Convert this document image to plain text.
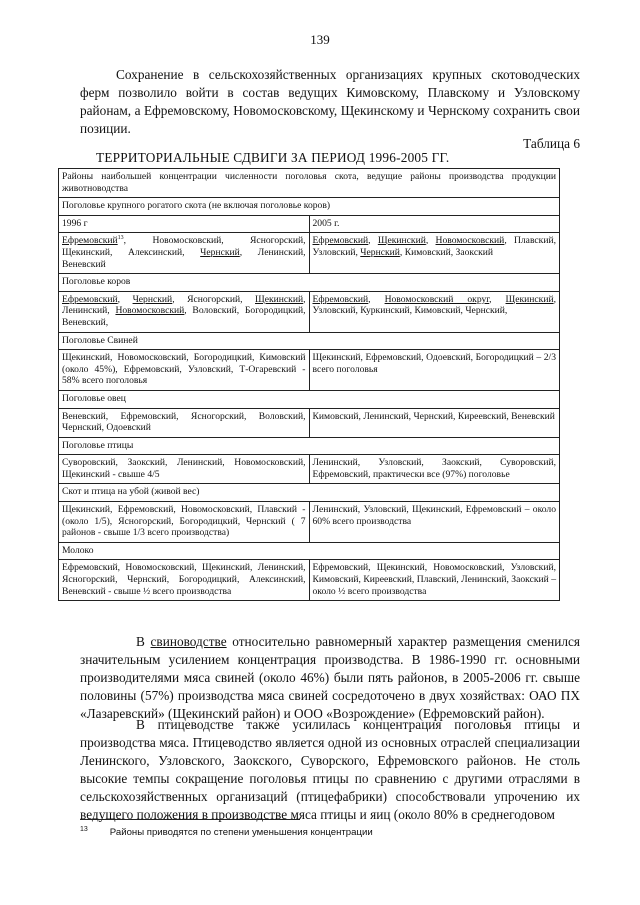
139

Сохранение в сельскохозяйственных организациях крупных скотоводческих ферм позволило войти в состав ведущих Кимовскому, Плавскому и Узловскому районам, а Ефремовскому, Новомосковскому, Щекинскому и Чернскому сохранить свои позиции.

Таблица 6
ТЕРРИТОРИАЛЬНЫЕ СДВИГИ ЗА ПЕРИОД 1996-2005 ГГ.
Районы наибольшей концентрации численности поголовья скота, ведущие районы производства продукции животноводства	
Поголовье крупного рогатого скота (не включая поголовье коров)	
1996 г	2005 г.
Ефремовский$^{13}$, Новомосковский, Ясногорский, Щекинский, Алексинский, Чернский, Ленинский, Веневский	Ефремовский, Щекинский, Новомосковский, Плавский, Узловский, Чернский, Кимовский, Заокский
Поголовье коров	
Ефремовский, Чернский, Ясногорский, Щекинский, Ленинский, Новомосковский, Воловский, Богородицкий, Веневский,	Ефремовский, Новомосковский округ, Щекинский, Узловский, Куркинский, Кимовский, Чернский,
Поголовье Свиней	
Щекинский, Новомосковский, Богородицкий, Кимовский (около 45%), Ефремовский, Узловский, Т-Огаревский - 58% всего поголовья	Щекинский, Ефремовский, Одоевский, Богородицкий – 2/3 всего поголовья
Поголовье овец	
Веневский, Ефремовский, Ясногорский, Воловский, Чернский, Одоевский	Кимовский, Ленинский, Чернский, Киреевский, Веневский
Поголовье птицы	
Суворовский, Заокский, Ленинский, Новомосковский, Щекинский - свыше 4/5	Ленинский, Узловский, Заокский, Суворовский, Ефремовский, практически все (97%) поголовье
Скот и птица на убой (живой вес)	
Щекинский, Ефремовский, Новомосковский, Плавский - (около 1/5), Ясногорский, Богородицкий, Чернский ( 7 районов - свыше 1/3 всего производства)	Ленинский, Узловский, Щекинский, Ефремовский – около 60% всего производства
Молоко	
Ефремовский, Новомосковский, Щекинский, Ленинский, Ясногорский, Чернский, Богородицкий, Алексинский, Веневский - свыше ½ всего производства	Ефремовский, Щекинский, Новомосковский, Узловский, Кимовский, Киреевский, Плавский, Ленинский, Заокский – около ½ всего производства

В свиноводстве относительно равномерный характер размещения сменился значительным усилением концентрация производства. В 1986-1990 гг. основными производителями мяса свиней (около 46%) были пять районов, в 2005-2006 гг. свыше половины (57%) производства мяса свиней сосредоточено в двух хозяйствах: ОАО ПХ «Лазаревский» (Щекинский район) и ООО «Возрождение» (Ефремовский район).

В птицеводстве также усилилась концентрация поголовья птицы и производства мяса. Птицеводство является одной из основных отраслей специализации Ленинского, Узловского, Заокского, Суворского, Ефремовского районов. Не столь высокие темпы сокращение поголовья птицы по сравнению с другими отраслями в сельскохозяйственных организаций (птицефабрики) способствовали упрочению их ведущего положения в производстве мяса птицы и яиц (около 80% в среднегодовом

$^{13}$ Районы приводятся по степени уменьшения концентрации
